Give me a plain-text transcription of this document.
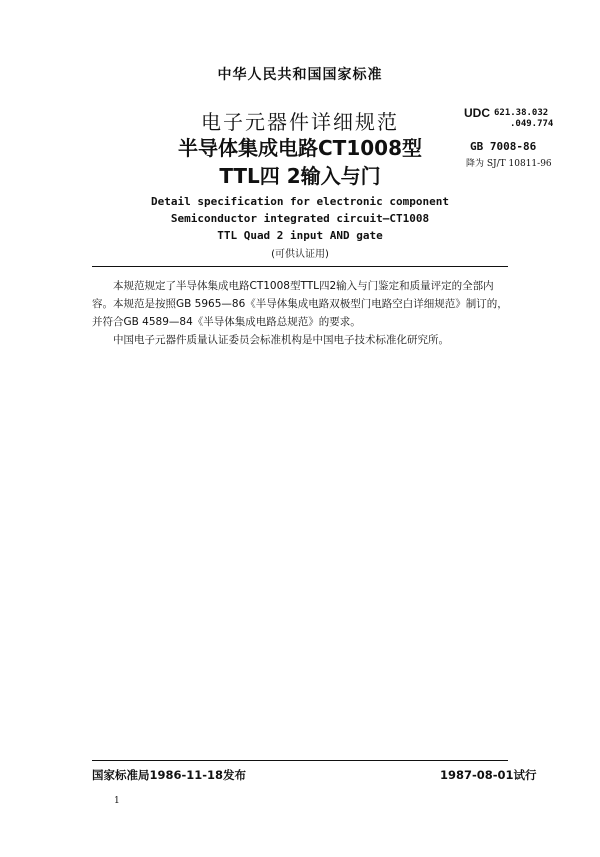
中华人民共和国国家标准
电子元器件详细规范
半导体集成电路CT1008型
TTL四 2输入与门
Detail specification for electronic component
Semiconductor integrated circuit—CT1008
TTL Quad 2 input AND gate
(可供认证用)
UDC 621.38.032
.049.774
GB 7008-86
降为 SJ/T 10811-96
本规范规定了半导体集成电路CT1008型TTL四2输入与门鉴定和质量评定的全部内容。 本规范是按照GB 5965—86《半导体集成电路双极型门电路空白详细规范》制订的，并符合GB 4589—84《半导体集成电路总规范》的要求。
中国电子元器件质量认证委员会标准机构是中国电子技术标准化研究所。
国家标准局1986-11-18发布	1987-08-01试行
1
